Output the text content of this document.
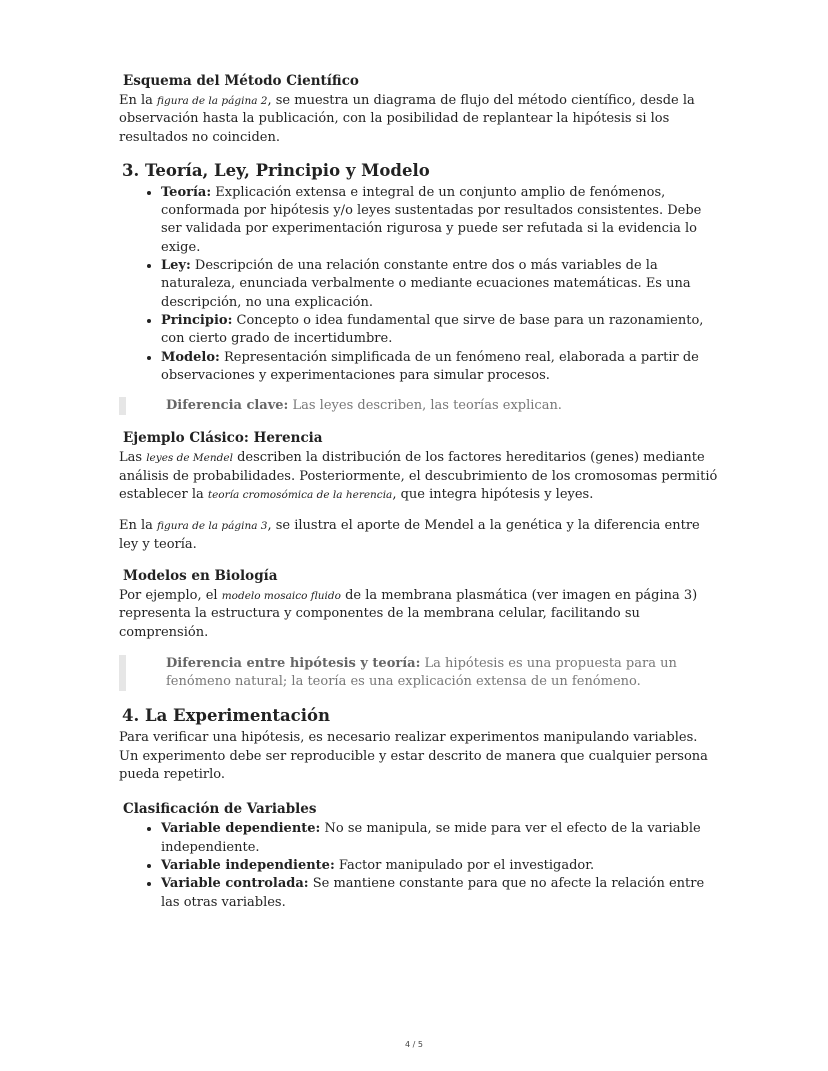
Esquema del Método Científico

En la figura de la página 2, se muestra un diagrama de flujo del método científico, desde la observación hasta la publicación, con la posibilidad de replantear la hipótesis si los resultados no coinciden.

3. Teoría, Ley, Principio y Modelo
• Teoría: Explicación extensa e integral de un conjunto amplio de fenómenos, conformada por hipótesis y/o leyes sustentadas por resultados consistentes. Debe ser validada por experimentación rigurosa y puede ser refutada si la evidencia lo exige.
• Ley: Descripción de una relación constante entre dos o más variables de la naturaleza, enunciada verbalmente o mediante ecuaciones matemáticas. Es una descripción, no una explicación.
• Principio: Concepto o idea fundamental que sirve de base para un razonamiento, con cierto grado de incertidumbre.
• Modelo: Representación simplificada de un fenómeno real, elaborada a partir de observaciones y experimentaciones para simular procesos.
Diferencia clave: Las leyes describen, las teorías explican.
Ejemplo Clásico: Herencia

Las leyes de Mendel describen la distribución de los factores hereditarios (genes) mediante análisis de probabilidades. Posteriormente, el descubrimiento de los cromosomas permitió establecer la teoría cromosómica de la herencia, que integra hipótesis y leyes.

En la figura de la página 3, se ilustra el aporte de Mendel a la genética y la diferencia entre ley y teoría.

Modelos en Biología

Por ejemplo, el modelo mosaico fluido de la membrana plasmática (ver imagen en página 3) representa la estructura y componentes de la membrana celular, facilitando su comprensión.

Diferencia entre hipótesis y teoría: La hipótesis es una propuesta para un fenómeno natural; la teoría es una explicación extensa de un fenómeno.
4. La Experimentación

Para verificar una hipótesis, es necesario realizar experimentos manipulando variables. Un experimento debe ser reproducible y estar descrito de manera que cualquier persona pueda repetirlo.

Clasificación de Variables
• Variable dependiente: No se manipula, se mide para ver el efecto de la variable independiente.
• Variable independiente: Factor manipulado por el investigador.
• Variable controlada: Se mantiene constante para que no afecte la relación entre las otras variables.
4 / 5
